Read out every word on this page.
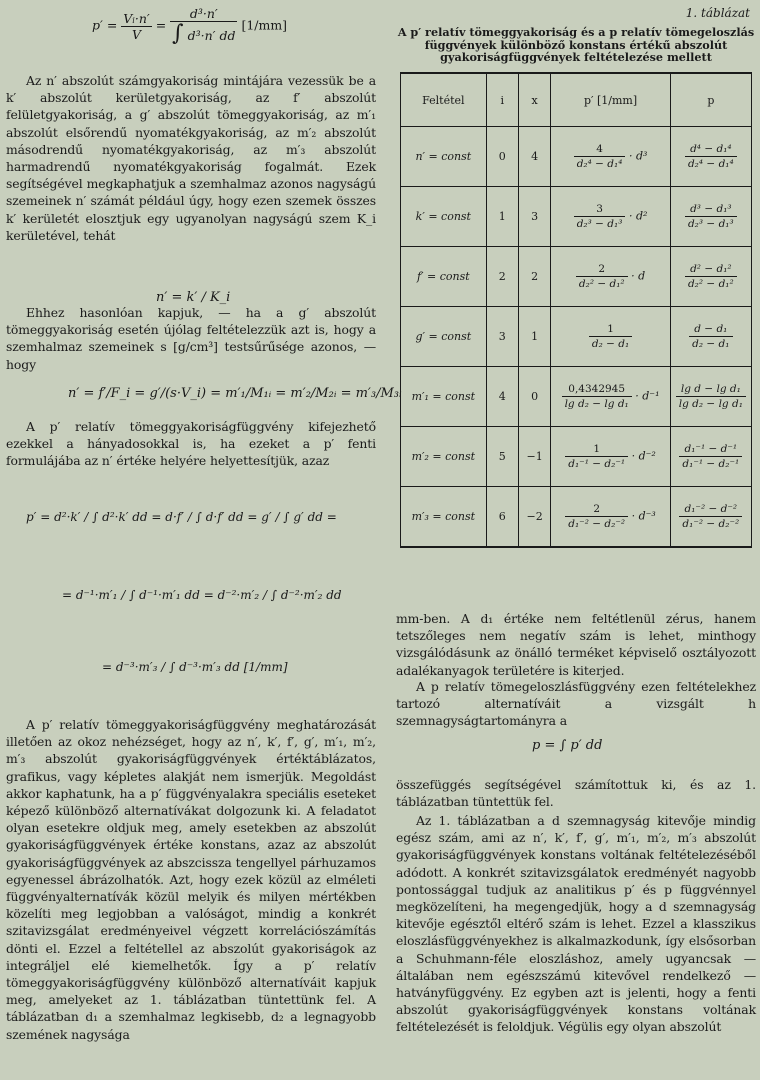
$p' = \frac{Vi\cdot n'}{V} = \frac{\text{d³·n′}}{\text{∫ d³·n′ dd}} [1/mm]$

Az n′ abszolút számgyakoriság mintájára vezessük be a k′ abszolút kerületgyakoriság, az f′ abszolút felületgyakoriság, a g′ abszolút tömeggyakoriság, az m′₁ abszolút elsőrendű nyomatékgyakoriság, az m′₂ abszolút másodrendű nyomatékgyakoriság, az m′₃ abszolút harmadrendű nyomatékgyakoriság fogalmát. Ezek segítségével megkaphatjuk a szemhalmaz azonos nagyságú szemeinek n′ számát például úgy, hogy ezen szemek összes k′ kerületét elosztjuk egy ugyanolyan nagyságú szem K_i kerületével, tehát

n′ = k′ / K_i

Ehhez hasonlóan kapjuk, — ha a g′ abszolút tömeggyakoriság esetén újólag feltételezzük azt is, hogy a szemhalmaz szemeinek s [g/cm³] testsűrűsége azonos, — hogy

n′ = f′/F_i = g′/(s·V_i) = m′₁/M₁ᵢ = m′₂/M₂ᵢ = m′₃/M₃ᵢ

A p′ relatív tömeggyakoriságfüggvény kifejezhető ezekkel a hányadosokkal is, ha ezeket a p′ fenti formulájába az n′ értéke helyére helyettesítjük, azaz

p′ = d²·k′ / ∫ d²·k′ dd = d·f′ / ∫ d·f′ dd = g′ / ∫ g′ dd =
= d⁻¹·m′₁ / ∫ d⁻¹·m′₁ dd = d⁻²·m′₂ / ∫ d⁻²·m′₂ dd
= d⁻³·m′₃ / ∫ d⁻³·m′₃ dd [1/mm]

A p′ relatív tömeggyakoriságfüggvény meghatározását illetően az okoz nehézséget, hogy az n′, k′, f′, g′, m′₁, m′₂, m′₃ abszolút gyakoriságfüggvények értéktáblázatos, grafikus, vagy képletes alakját nem ismerjük. Megoldást akkor kaphatunk, ha a p′ függvényalakra speciális eseteket képező különböző alternatívákat dolgozunk ki. A feladatot olyan esetekre oldjuk meg, amely esetekben az abszolút gyakoriságfüggvények értéke konstans, azaz az abszolút gyakoriságfüggvények az abszcissza tengellyel párhuzamos egyenessel ábrázolhatók. Azt, hogy ezek közül az elméleti függvényalternatívák közül melyik és milyen mértékben közelíti meg legjobban a valóságot, mindig a konkrét szitavizsgálat eredményeivel végzett korrelációszámítás dönti el. Ezzel a feltétellel az abszolút gyakoriságok az integráljel elé kiemelhetők. Így a p′ relatív tömeggyakoriságfüggvény különböző alternatíváit kapjuk meg, amelyeket az 1. táblázatban tüntettünk fel. A táblázatban d₁ a szemhalmaz legkisebb, d₂ a legnagyobb szemének nagysága

1. táblázat
A p′ relatív tömeggyakoriság és a p relatív tömegeloszlás függvények különböző konstans értékű abszolút gyakoriságfüggvények feltételezése mellett
Feltétel	i	x	p′ [1/mm]	p
n′ = const	0	4	$\frac{4}{\text{d₂⁴ − d₁⁴}} \cdot d^3$	$\frac{\text{d⁴ − d₁⁴}}{\text{d₂⁴ − d₁⁴}}$

k′ = const	1	3	$\frac{3}{\text{d₂³ − d₁³}} \cdot d^2$	$\frac{\text{d³ − d₁³}}{\text{d₂³ − d₁³}}$

f′ = const	2	2	$\frac{2}{\text{d₂² − d₁²}} \cdot d$	$\frac{\text{d² − d₁²}}{\text{d₂² − d₁²}}$

g′ = const	3	1	$\frac{1}{\text{d₂ − d₁}}$	$\frac{\text{d − d₁}}{\text{d₂ − d₁}}$

m′₁ = const	4	0	$\frac{0,4342945}{\text{lg d₂ − lg d₁}} \cdot d^{-1}$	$\frac{\text{lg d − lg d₁}}{\text{lg d₂ − lg d₁}}$

m′₂ = const	5	−1	$\frac{1}{\text{d₁⁻¹ − d₂⁻¹}} \cdot d^{-2}$	$\frac{\text{d₁⁻¹ − d⁻¹}}{\text{d₁⁻¹ − d₂⁻¹}}$

m′₃ = const	6	−2	$\frac{2}{\text{d₁⁻² − d₂⁻²}} \cdot d^{-3}$	$\frac{\text{d₁⁻² − d⁻²}}{\text{d₁⁻² − d₂⁻²}}$

mm-ben. A d₁ értéke nem feltétlenül zérus, hanem tetszőleges nem negatív szám is lehet, minthogy vizsgálódásunk az önálló terméket képviselő osztályozott adalékanyagok területére is kiterjed.

A p relatív tömegeloszlásfüggvény ezen feltételekhez tartozó alternatíváit a vizsgált h szemnagyságtartományra a

p = ∫ p′ dd

összefüggés segítségével számítottuk ki, és az 1. táblázatban tüntettük fel.

Az 1. táblázatban a d szemnagyság kitevője mindig egész szám, ami az n′, k′, f′, g′, m′₁, m′₂, m′₃ abszolút gyakoriságfüggvények konstans voltának feltételezéséből adódott. A konkrét szitavizsgálatok eredményét nagyobb pontossággal tudjuk az analitikus p′ és p függvénnyel megközelíteni, ha megengedjük, hogy a d szemnagyság kitevője egésztől eltérő szám is lehet. Ezzel a klasszikus eloszlásfüggvényekhez is alkalmazkodunk, így elsősorban a Schuhmann-féle eloszláshoz, amely ugyancsak — általában nem egészszámú kitevővel rendelkező — hatványfüggvény. Ez egyben azt is jelenti, hogy a fenti abszolút gyakoriságfüggvények konstans voltának feltételezését is feloldjuk. Végülis egy olyan abszolút
